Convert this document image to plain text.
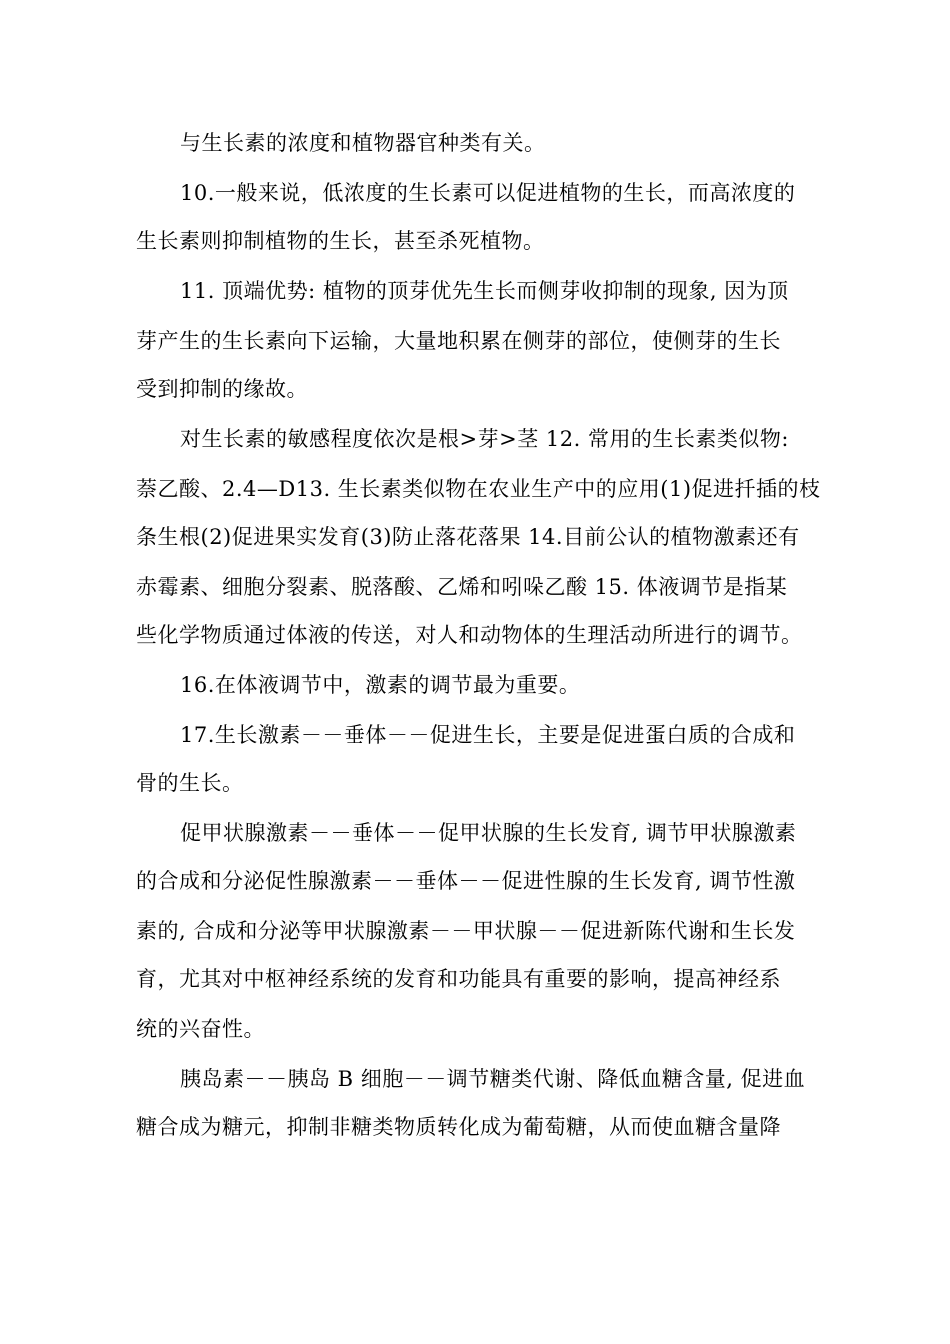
与生长素的浓度和植物器官种类有关。
10.一般来说，低浓度的生长素可以促进植物的生长，而高浓度的
生长素则抑制植物的生长，甚至杀死植物。
11. 顶端优势: 植物的顶芽优先生长而侧芽收抑制的现象, 因为顶
芽产生的生长素向下运输，大量地积累在侧芽的部位，使侧芽的生长
受到抑制的缘故。
对生长素的敏感程度依次是根>芽>茎 12. 常用的生长素类似物:
萘乙酸、2.4—D13. 生长素类似物在农业生产中的应用(1)促进扦插的枝
条生根(2)促进果实发育(3)防止落花落果 14.目前公认的植物激素还有
赤霉素、细胞分裂素、脱落酸、乙烯和吲哚乙酸 15. 体液调节是指某
些化学物质通过体液的传送，对人和动物体的生理活动所进行的调节。
16.在体液调节中，激素的调节最为重要。
17.生长激素－－垂体－－促进生长，主要是促进蛋白质的合成和
骨的生长。
促甲状腺激素－－垂体－－促甲状腺的生长发育, 调节甲状腺激素
的合成和分泌促性腺激素－－垂体－－促进性腺的生长发育, 调节性激
素的, 合成和分泌等甲状腺激素－－甲状腺－－促进新陈代谢和生长发
育，尤其对中枢神经系统的发育和功能具有重要的影响，提高神经系
统的兴奋性。
胰岛素－－胰岛 B 细胞－－调节糖类代谢、降低血糖含量, 促进血
糖合成为糖元，抑制非糖类物质转化成为葡萄糖，从而使血糖含量降
